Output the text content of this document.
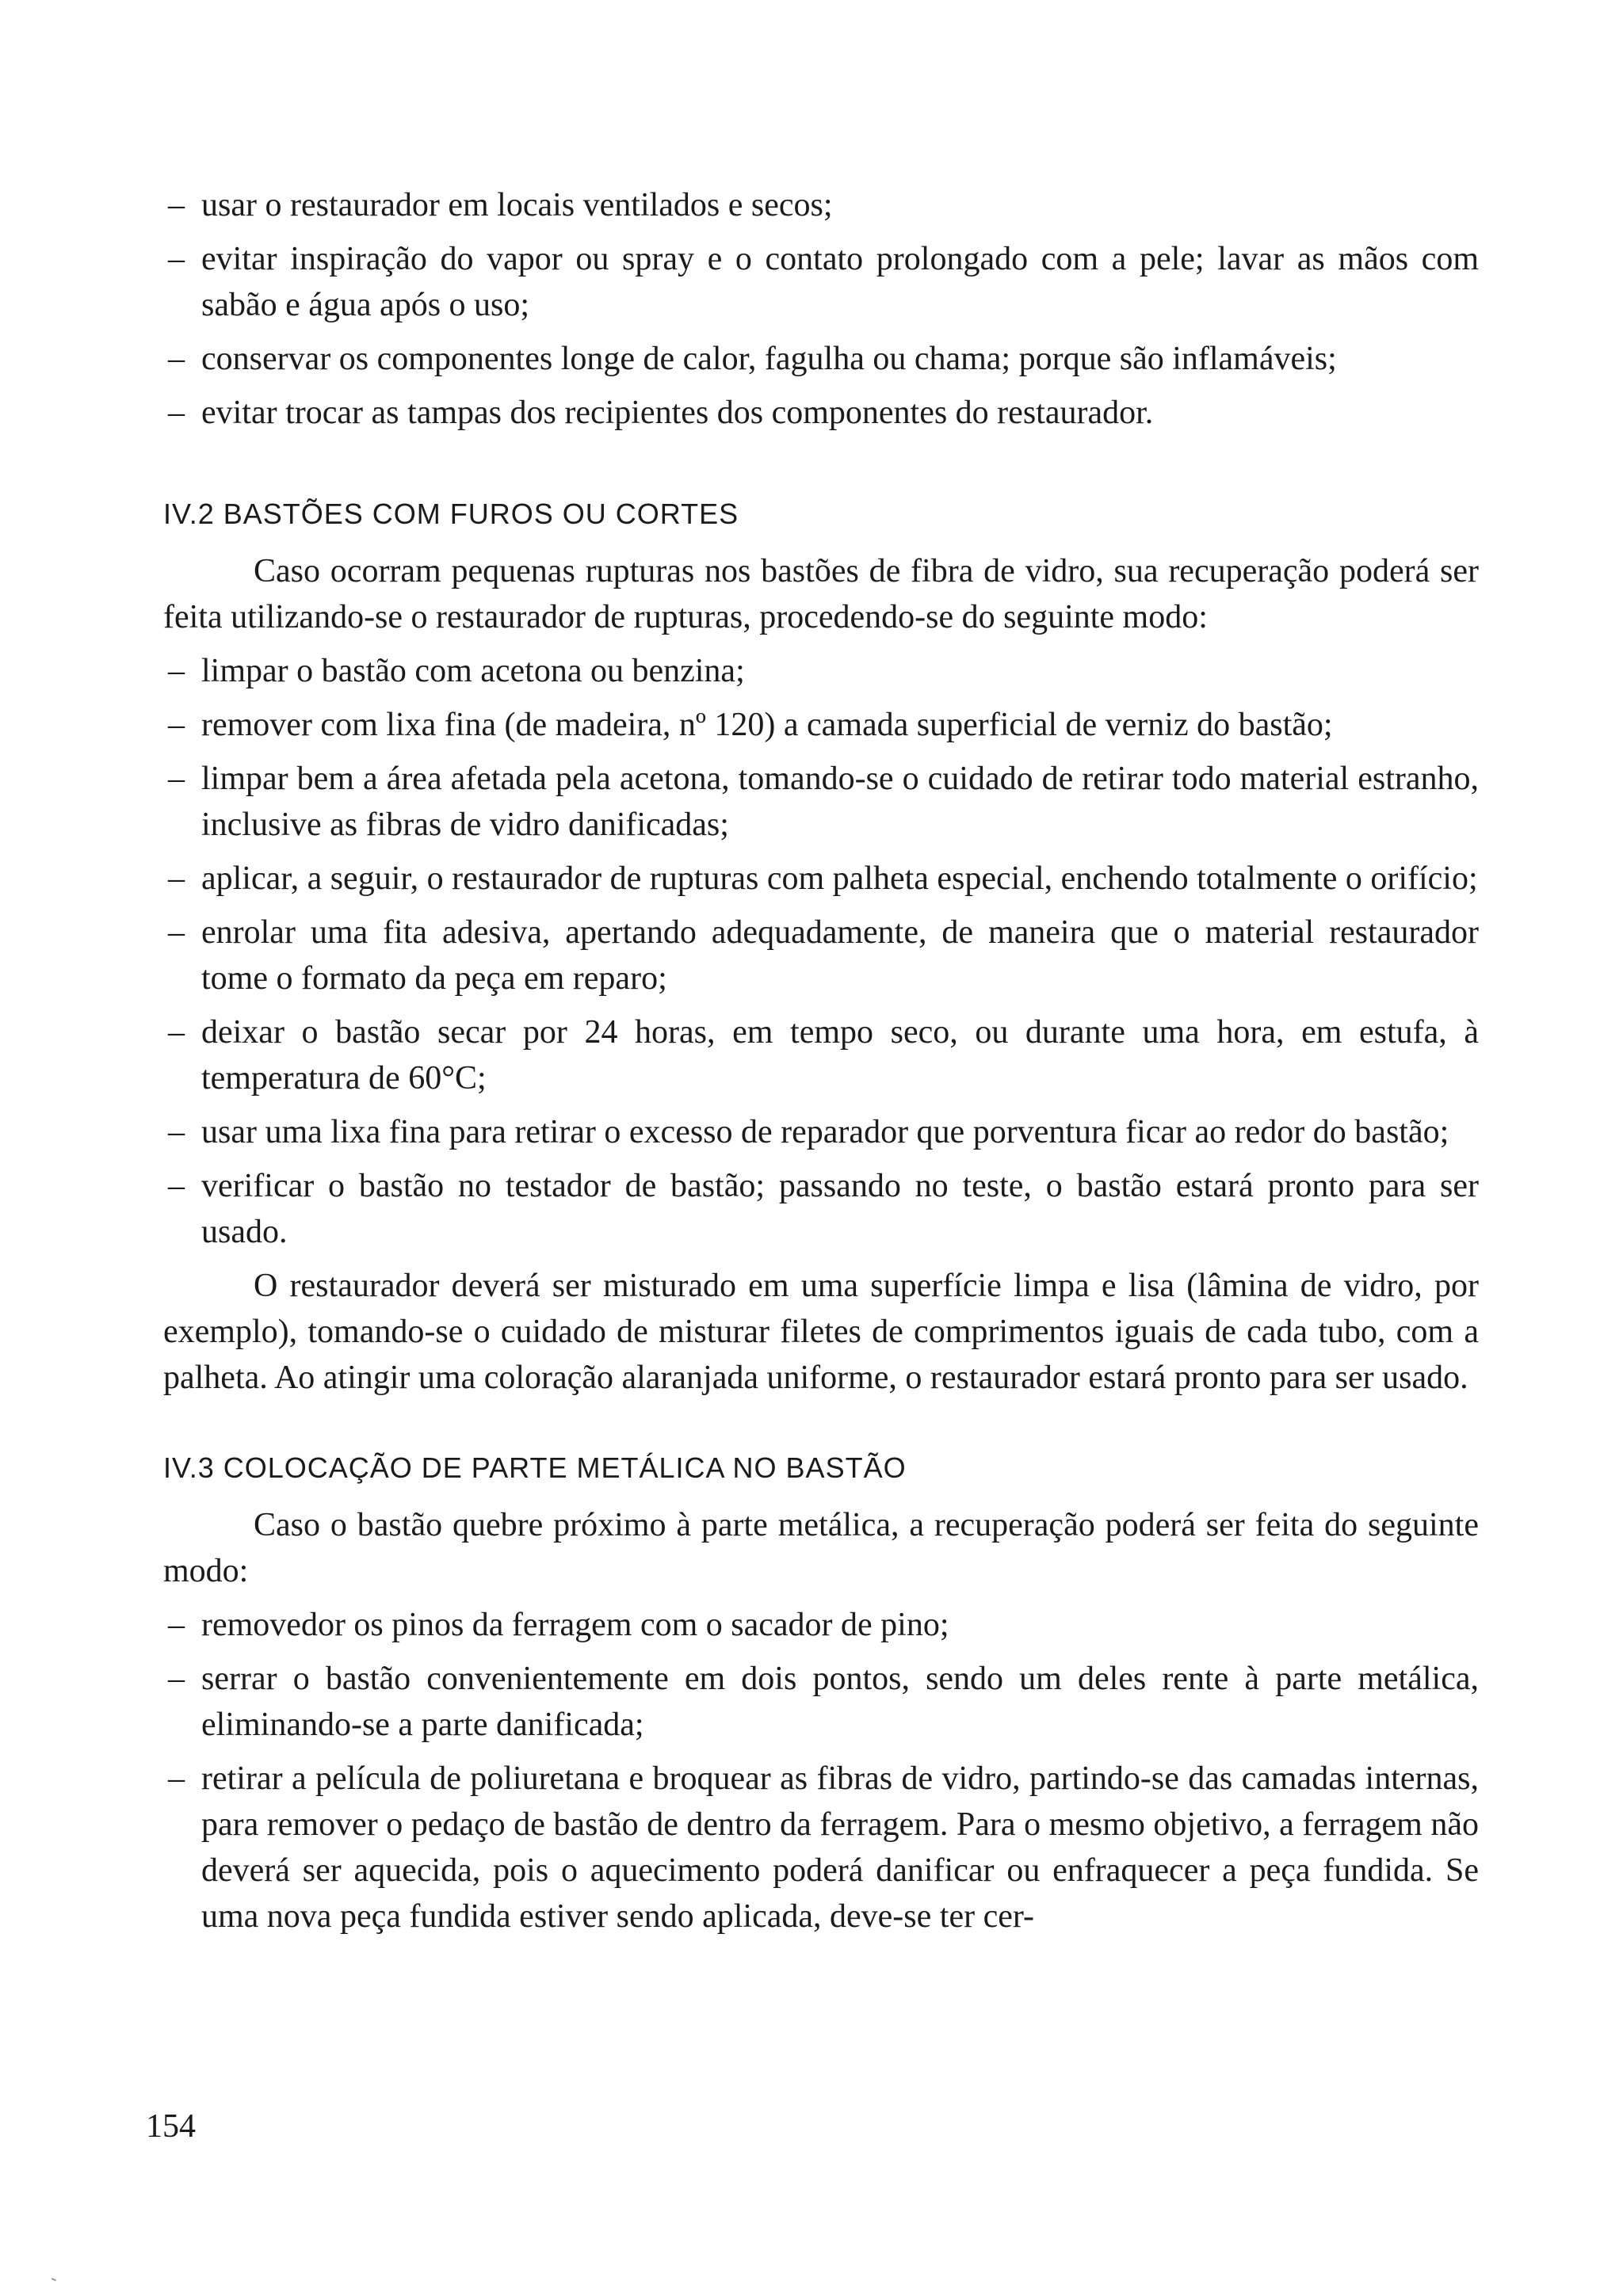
– usar o restaurador em locais ventilados e secos;
– evitar inspiração do vapor ou spray e o contato prolongado com a pele; lavar as mãos com sabão e água após o uso;
– conservar os componentes longe de calor, fagulha ou chama; porque são inflamáveis;
– evitar trocar as tampas dos recipientes dos componentes do restaurador.
IV.2 BASTÕES COM FUROS OU CORTES

Caso ocorram pequenas rupturas nos bastões de fibra de vidro, sua recuperação poderá ser feita utilizando-se o restaurador de rupturas, procedendo-se do seguinte modo:

– limpar o bastão com acetona ou benzina;
– remover com lixa fina (de madeira, nº 120) a camada superficial de verniz do bastão;
– limpar bem a área afetada pela acetona, tomando-se o cuidado de retirar todo material estranho, inclusive as fibras de vidro danificadas;
– aplicar, a seguir, o restaurador de rupturas com palheta especial, enchendo totalmente o orifício;
– enrolar uma fita adesiva, apertando adequadamente, de maneira que o material restaurador tome o formato da peça em reparo;
– deixar o bastão secar por 24 horas, em tempo seco, ou durante uma hora, em estufa, à temperatura de 60°C;
– usar uma lixa fina para retirar o excesso de reparador que porventura ficar ao redor do bastão;
– verificar o bastão no testador de bastão; passando no teste, o bastão estará pronto para ser usado.

O restaurador deverá ser misturado em uma superfície limpa e lisa (lâmina de vidro, por exemplo), tomando-se o cuidado de misturar filetes de comprimentos iguais de cada tubo, com a palheta. Ao atingir uma coloração alaranjada uniforme, o restaurador estará pronto para ser usado.

IV.3 COLOCAÇÃO DE PARTE METÁLICA NO BASTÃO

Caso o bastão quebre próximo à parte metálica, a recuperação poderá ser feita do seguinte modo:

– removedor os pinos da ferragem com o sacador de pino;
– serrar o bastão convenientemente em dois pontos, sendo um deles rente à parte metálica, eliminando-se a parte danificada;
– retirar a película de poliuretana e broquear as fibras de vidro, partindo-se das camadas internas, para remover o pedaço de bastão de dentro da ferragem. Para o mesmo objetivo, a ferragem não deverá ser aquecida, pois o aquecimento poderá danificar ou enfraquecer a peça fundida. Se uma nova peça fundida estiver sendo aplicada, deve-se ter cer-
154
